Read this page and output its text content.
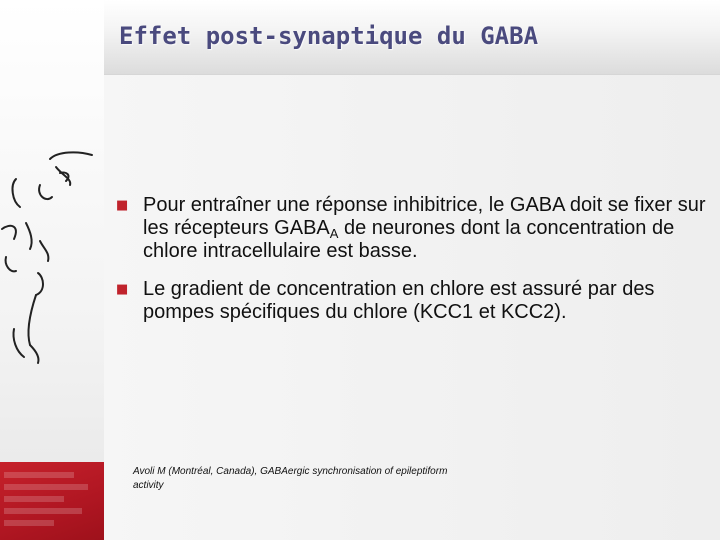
Effet post-synaptique du GABA
■ Pour entraîner une réponse inhibitrice, le GABA doit se fixer sur les récepteurs $GABA_A$ de neurones dont la concentration de chlore intracellulaire est basse.
■ Le gradient de concentration en chlore est assuré par des pompes spécifiques du chlore (KCC1 et KCC2).
Avoli M (Montréal, Canada), GABAergic synchronisation of epileptiform activity
